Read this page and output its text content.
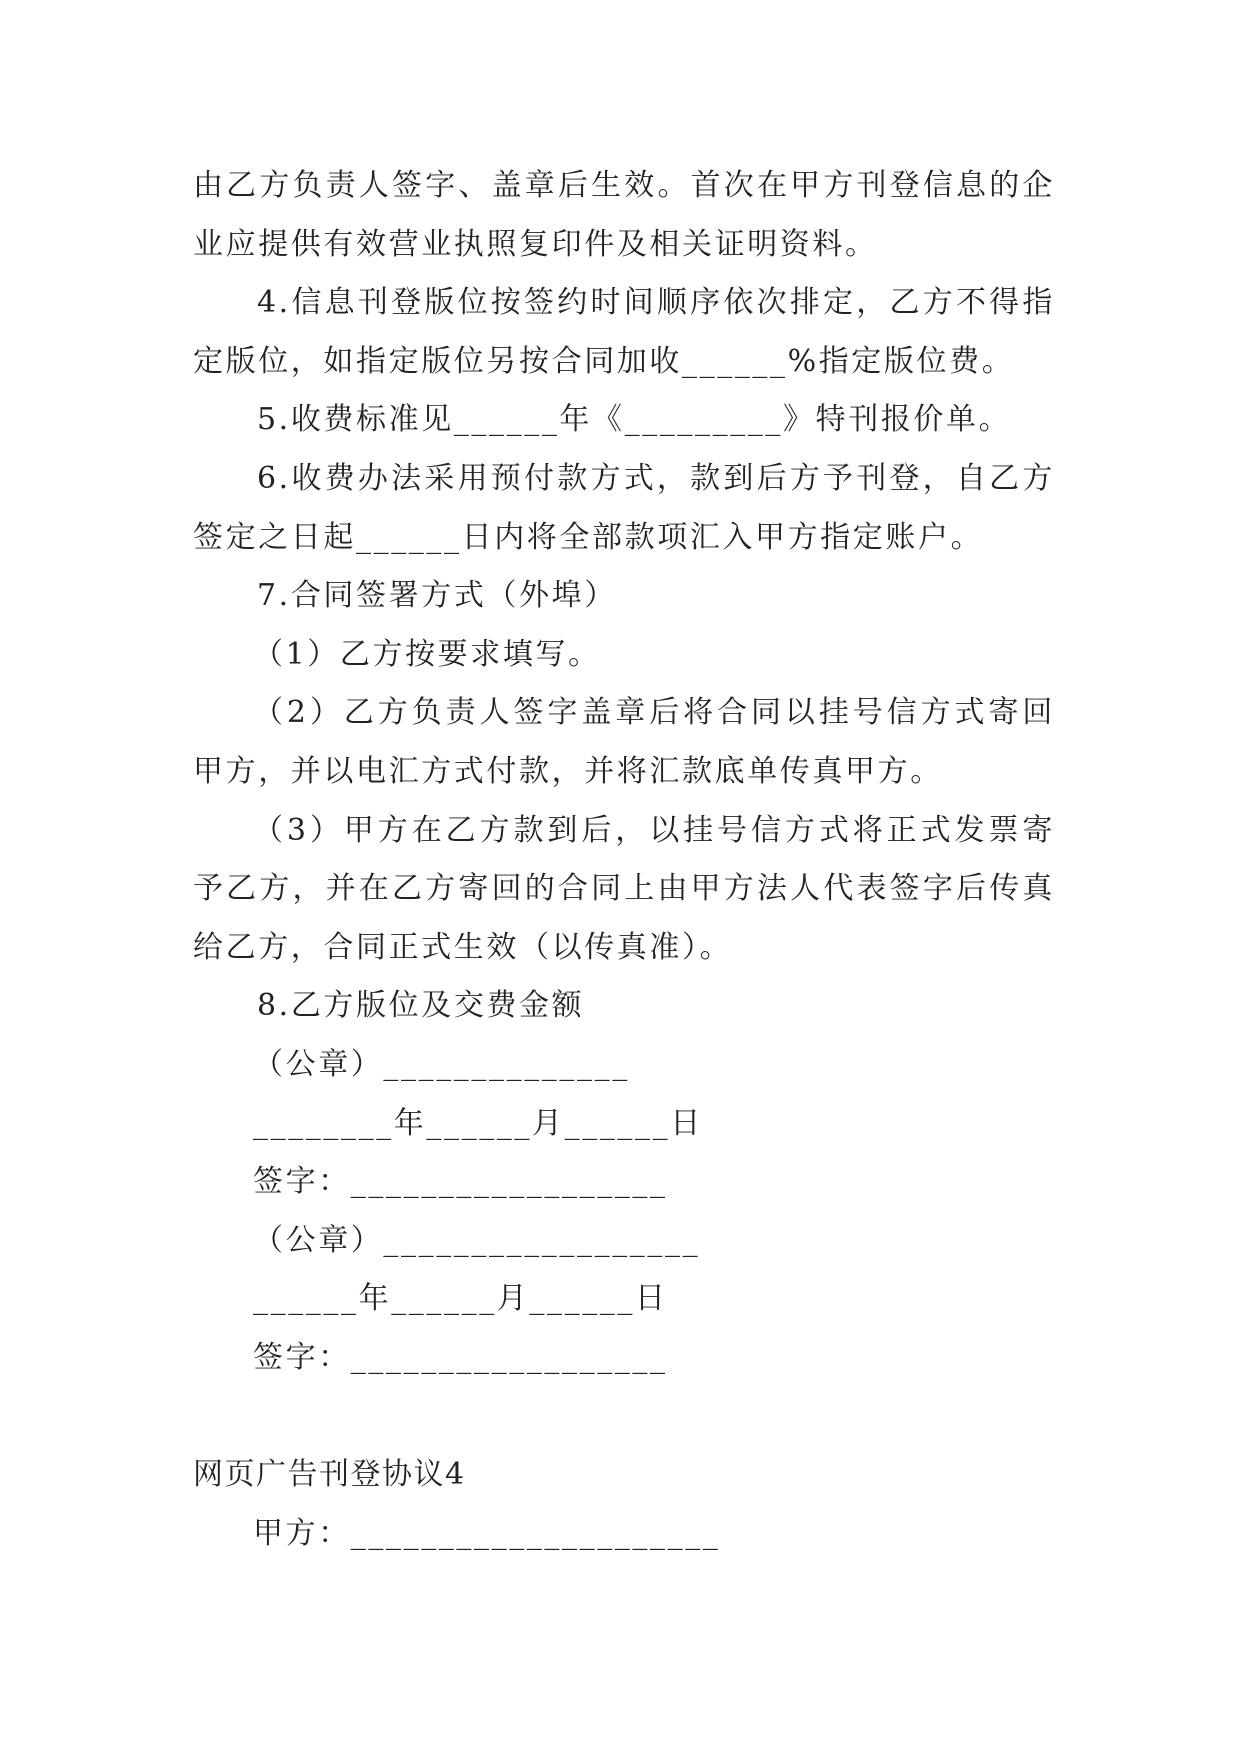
由乙方负责人签字、盖章后生效。首次在甲方刊登信息的企
业应提供有效营业执照复印件及相关证明资料。
4.信息刊登版位按签约时间顺序依次排定，乙方不得指
定版位，如指定版位另按合同加收______%指定版位费。
5.收费标准见______年《_________》特刊报价单。
6.收费办法采用预付款方式，款到后方予刊登，自乙方
签定之日起______日内将全部款项汇入甲方指定账户。
7.合同签署方式（外埠）
（1）乙方按要求填写。
（2）乙方负责人签字盖章后将合同以挂号信方式寄回
甲方，并以电汇方式付款，并将汇款底单传真甲方。
（3）甲方在乙方款到后，以挂号信方式将正式发票寄
予乙方，并在乙方寄回的合同上由甲方法人代表签字后传真
给乙方，合同正式生效（以传真准）。
8.乙方版位及交费金额
（公章）______________
________年______月______日
签字：__________________
（公章）__________________
______年______月______日
签字：__________________
网页广告刊登协议4
甲方：_____________________
